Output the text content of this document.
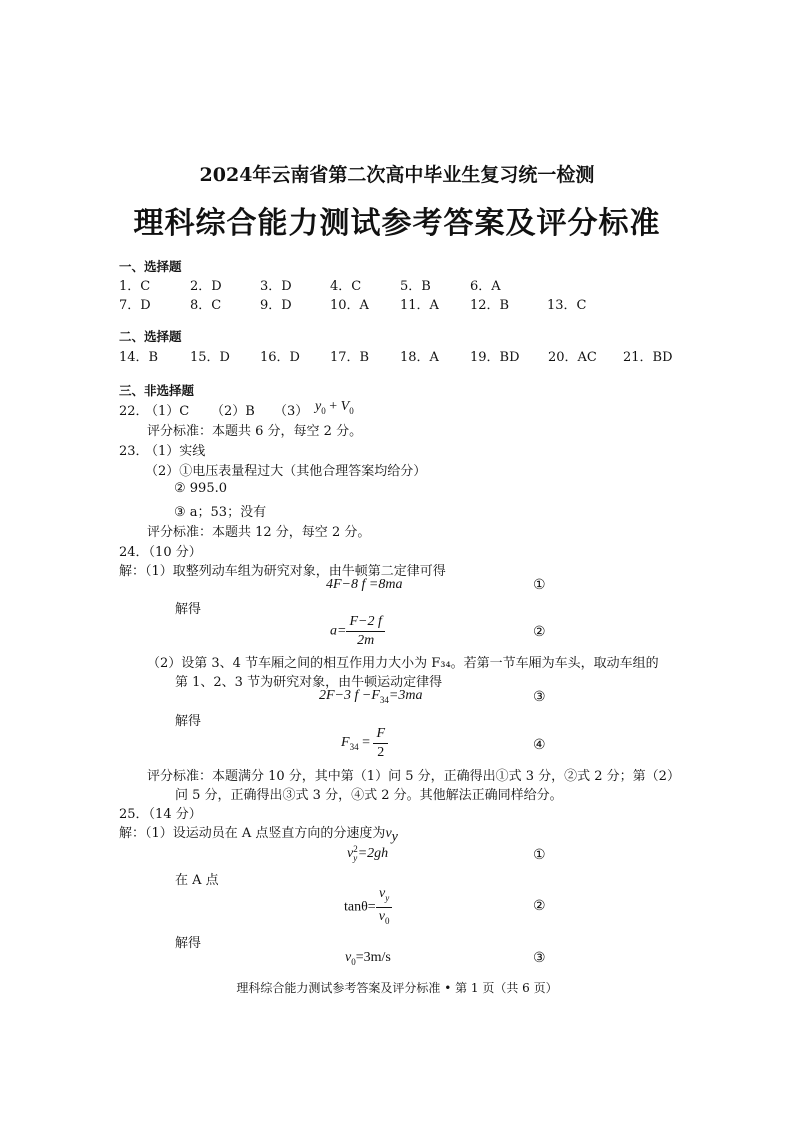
2024年云南省第二次高中毕业生复习统一检测
理科综合能力测试参考答案及评分标准
一、选择题
1．C	2．D	3．D	4．C	5．B	6．A
7．D	8．C	9．D	10．A 11．A 12．B	13．C
二、选择题
14．B 15．D 16．D 17．B 18．A 19．BD 20．AC 21．BD
三、非选择题
22．
（1）C （2）B （3） $y_0 + V_0$
评分标准：本题共 6 分，每空 2 分。
23．
（1）实线
（2）①电压表量程过大（其他合理答案均给分）
② 995.0
③ a；53；没有
评分标准：本题共 12 分，每空 2 分。
24．（10 分）
解：（1）取整列动车组为研究对象，由牛顿第二定律可得
4F−8 f =8ma	①
解得
$a= \frac{F-2 f}{2m}$	②
（2）设第 3、4 节车厢之间的相互作用力大小为 F₃₄。若第一节车厢为车头，取动车组的
第 1、2、3 节为研究对象，由牛顿运动定律得
2F−3 $f -F_{34}=3ma$	③
解得
$F_{34} = \frac{F}{2}$	④
评分标准：本题满分 10 分，其中第（1）问 5 分，正确得出①式 3 分，②式 2 分；第（2）
问 5 分，正确得出③式 3 分，④式 2 分。其他解法正确同样给分。
25．（14 分）
解：（1）设运动员在 A 点竖直方向的分速度为$v_y$
v 2
y =2gh	①
在 A 点
$\tan\theta= \frac{v_y}{v_0}$	②
解得
$v_0=3m/s$	③
理科综合能力测试参考答案及评分标准 • 第 1 页（共 6 页）
